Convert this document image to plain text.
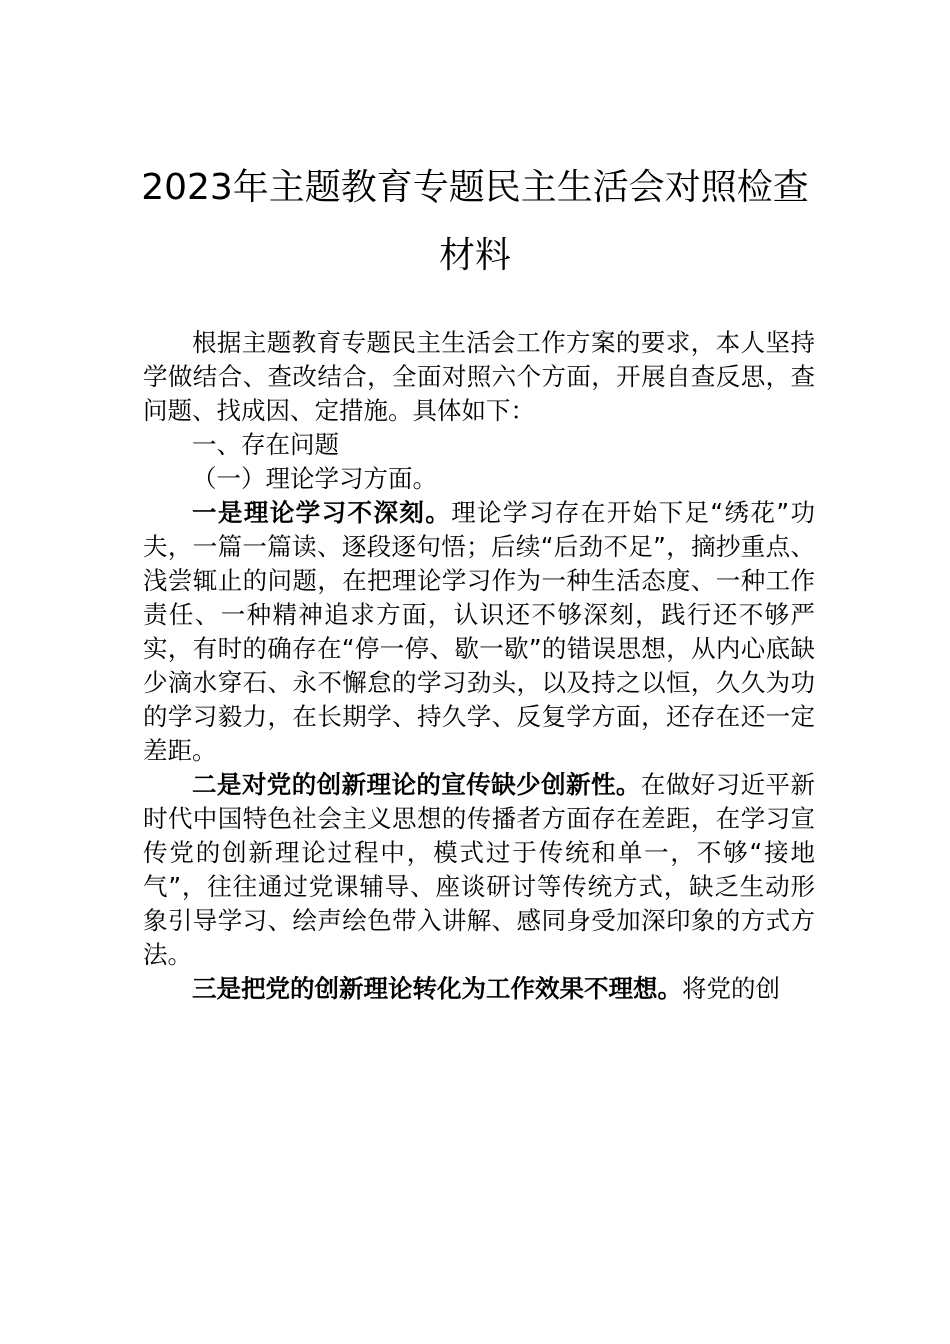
2023年主题教育专题民主生活会对照检查
材料

根据主题教育专题民主生活会工作方案的要求，本人坚持学做结合、查改结合，全面对照六个方面，开展自查反思，查问题、找成因、定措施。具体如下：

一、存在问题

（一）理论学习方面。

一是理论学习不深刻。理论学习存在开始下足“绣花”功夫，一篇一篇读、逐段逐句悟；后续“后劲不足”，摘抄重点、浅尝辄止的问题，在把理论学习作为一种生活态度、一种工作责任、一种精神追求方面，认识还不够深刻，践行还不够严实，有时的确存在“停一停、歇一歇”的错误思想，从内心底缺少滴水穿石、永不懈怠的学习劲头，以及持之以恒，久久为功的学习毅力，在长期学、持久学、反复学方面，还存在还一定差距。

二是对党的创新理论的宣传缺少创新性。在做好习近平新时代中国特色社会主义思想的传播者方面存在差距，在学习宣传党的创新理论过程中，模式过于传统和单一，不够“接地气”，往往通过党课辅导、座谈研讨等传统方式，缺乏生动形象引导学习、绘声绘色带入讲解、感同身受加深印象的方式方法。

三是把党的创新理论转化为工作效果不理想。将党的创
